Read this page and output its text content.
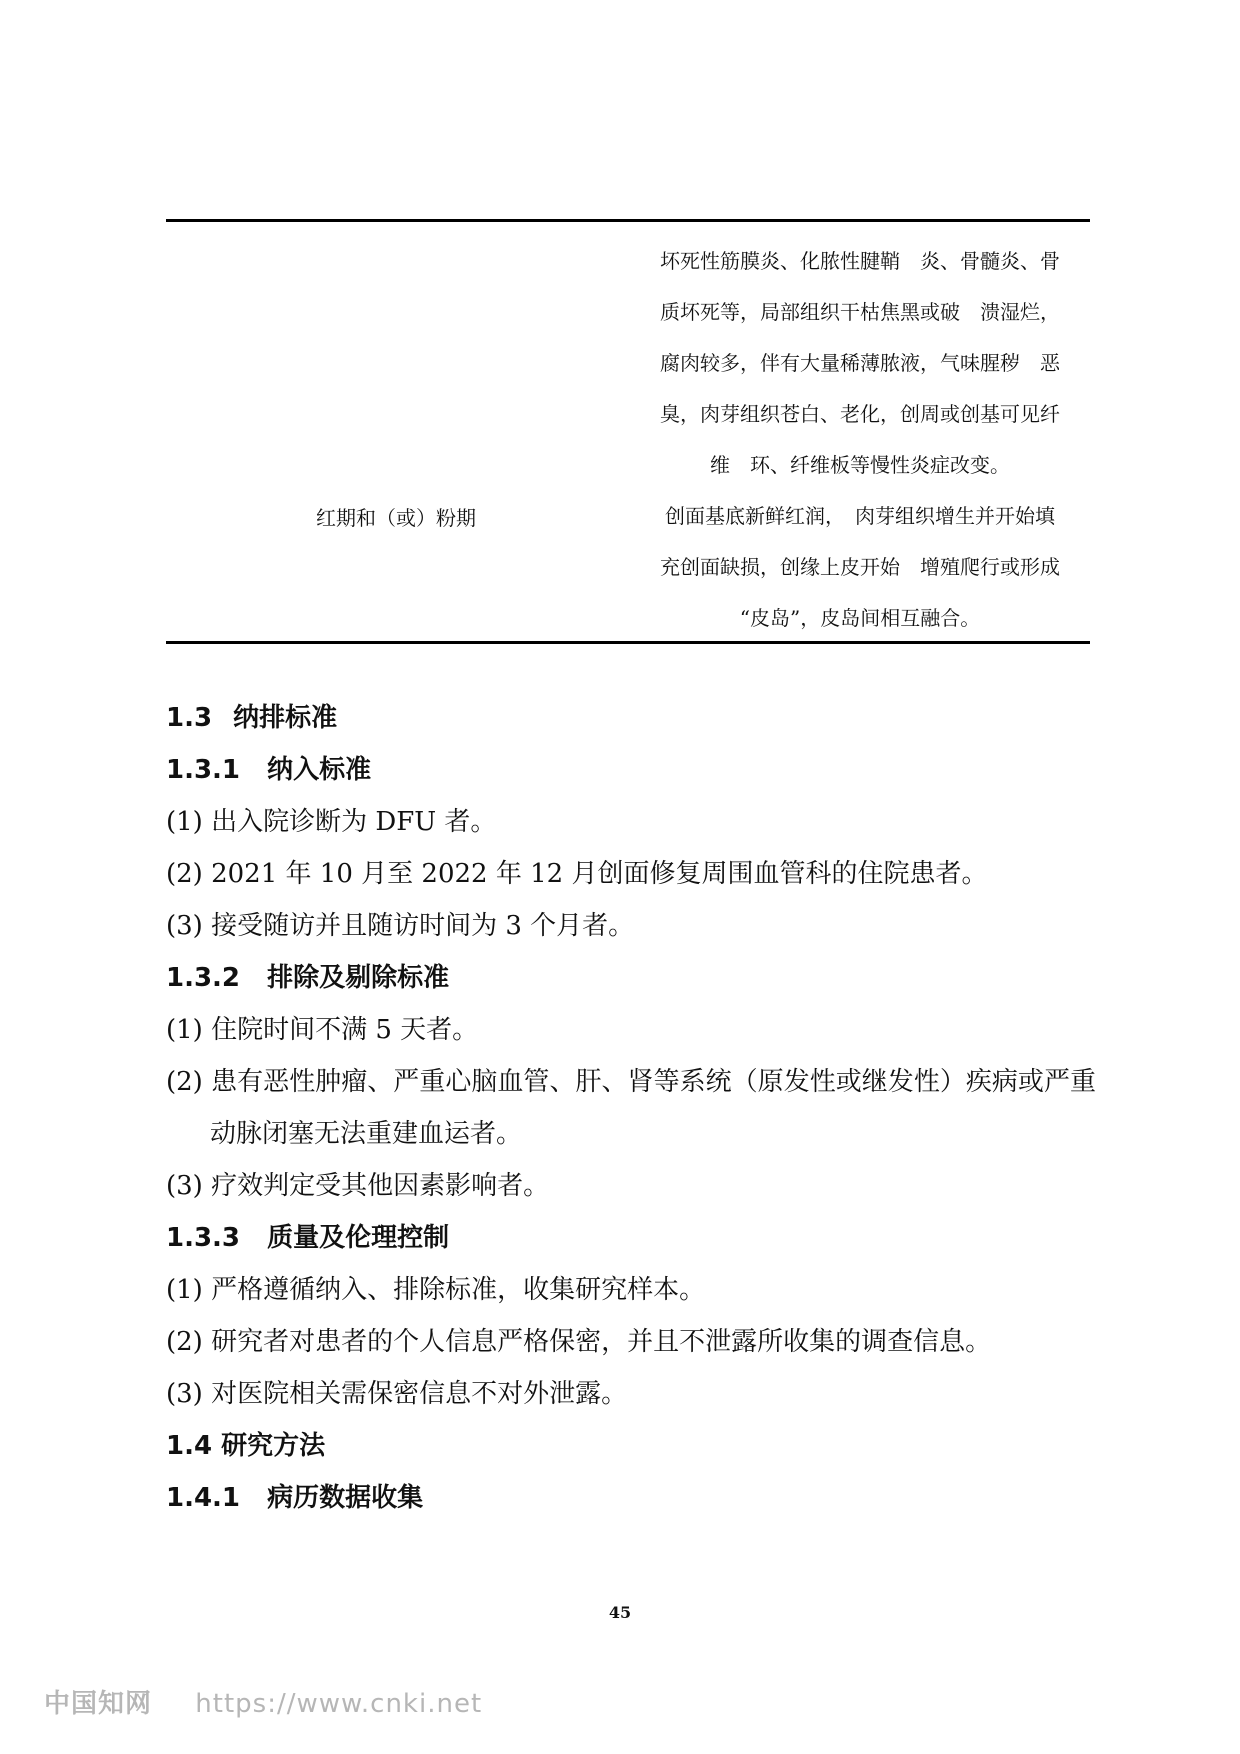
红期和（或）粉期
坏死性筋膜炎、化脓性腱鞘　炎、骨髓炎、骨
质坏死等，局部组织干枯焦黑或破　溃湿烂，
腐肉较多，伴有大量稀薄脓液，气味腥秽　恶
臭，肉芽组织苍白、老化，创周或创基可见纤
维　环、纤维板等慢性炎症改变。
创面基底新鲜红润，　肉芽组织增生并开始填
充创面缺损，创缘上皮开始　增殖爬行或形成
“皮岛”，皮岛间相互融合。
1.3 纳排标准
1.3.1 纳入标准
(1) 出入院诊断为 DFU 者。
(2) 2021 年 10 月至 2022 年 12 月创面修复周围血管科的住院患者。
(3) 接受随访并且随访时间为 3 个月者。
1.3.2 排除及剔除标准
(1) 住院时间不满 5 天者。
(2) 患有恶性肿瘤、严重心脑血管、肝、肾等系统（原发性或继发性）疾病或严重动脉闭塞无法重建血运者。
(3) 疗效判定受其他因素影响者。
1.3.3 质量及伦理控制
(1) 严格遵循纳入、排除标准，收集研究样本。
(2) 研究者对患者的个人信息严格保密，并且不泄露所收集的调查信息。
(3) 对医院相关需保密信息不对外泄露。
1.4 研究方法
1.4.1 病历数据收集
45
中国知网 https://www.cnki.net
